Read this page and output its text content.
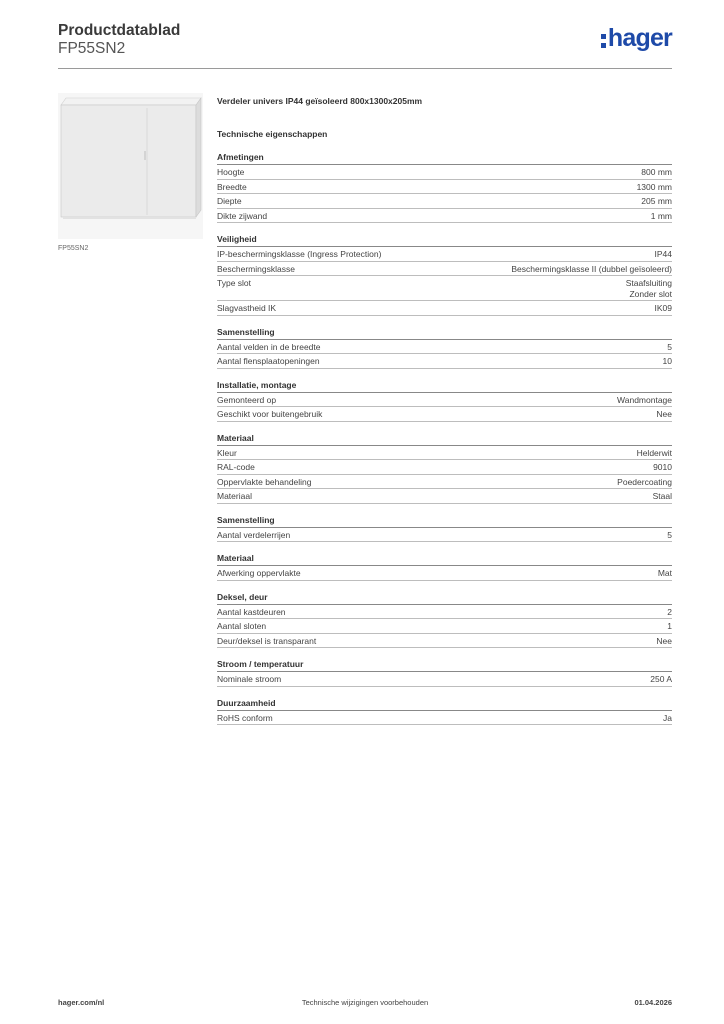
Productdatablad
FP55SN2	hager
FP55SN2
Verdeler univers IP44 geïsoleerd 800x1300x205mm
Technische eigenschappen
Afmetingen
Hoogte	800 mm
Breedte	1300 mm
Diepte	205 mm
Dikte zijwand	1 mm
Veiligheid
IP-beschermingsklasse (Ingress Protection)	IP44
Beschermingsklasse	Beschermingsklasse II (dubbel geïsoleerd)
Type slot	Staafsluiting
Zonder slot
Slagvastheid IK	IK09
Samenstelling
Aantal velden in de breedte	5
Aantal flensplaatopeningen	10
Installatie, montage
Gemonteerd op	Wandmontage
Geschikt voor buitengebruik	Nee
Materiaal
Kleur	Helderwit
RAL-code	9010
Oppervlakte behandeling	Poedercoating
Materiaal	Staal
Samenstelling
Aantal verdelerrijen	5
Materiaal
Afwerking oppervlakte	Mat
Deksel, deur
Aantal kastdeuren	2
Aantal sloten	1
Deur/deksel is transparant	Nee
Stroom / temperatuur
Nominale stroom	250 A
Duurzaamheid
RoHS conform	Ja
hager.com/nl	Technische wijzigingen voorbehouden	01.04.2026
